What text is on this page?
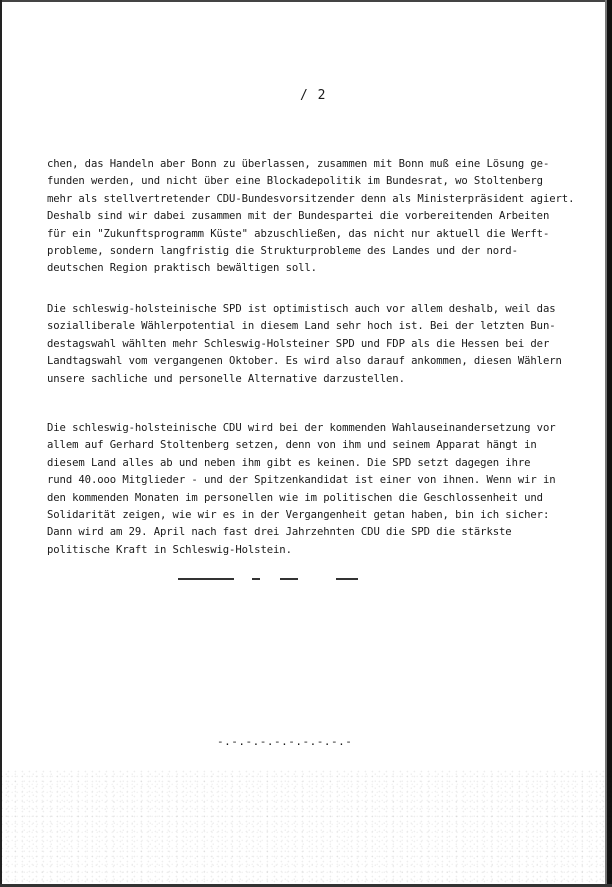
/ 2

chen, das Handeln aber Bonn zu überlassen, zusammen mit Bonn muß eine Lösung ge-
funden werden, und nicht über eine Blockadepolitik im Bundesrat, wo Stoltenberg
mehr als stellvertretender CDU-Bundesvorsitzender denn als Ministerpräsident agiert.
Deshalb sind wir dabei zusammen mit der Bundespartei die vorbereitenden Arbeiten
für ein "Zukunftsprogramm Küste" abzuschließen, das nicht nur aktuell die Werft-
probleme, sondern langfristig die Strukturprobleme des Landes und der nord-
deutschen Region praktisch bewältigen soll.

Die schleswig-holsteinische SPD ist optimistisch auch vor allem deshalb, weil das
sozialliberale Wählerpotential in diesem Land sehr hoch ist. Bei der letzten Bun-
destagswahl wählten mehr Schleswig-Holsteiner SPD und FDP als die Hessen bei der
Landtagswahl vom vergangenen Oktober. Es wird also darauf ankommen, diesen Wählern
unsere sachliche und personelle Alternative darzustellen.

Die schleswig-holsteinische CDU wird bei der kommenden Wahlauseinandersetzung vor
allem auf Gerhard Stoltenberg setzen, denn von ihm und seinem Apparat hängt in
diesem Land alles ab und neben ihm gibt es keinen. Die SPD setzt dagegen ihre
rund 40.ooo Mitglieder - und der Spitzenkandidat ist einer von ihnen. Wenn wir in
den kommenden Monaten im personellen wie im politischen die Geschlossenheit und
Solidarität zeigen, wie wir es in der Vergangenheit getan haben, bin ich sicher:
Dann wird am 29. April nach fast drei Jahrzehnten CDU die SPD die stärkste
politische Kraft in Schleswig-Holstein.

-.-.-.-.-.-.-.-.-.-
